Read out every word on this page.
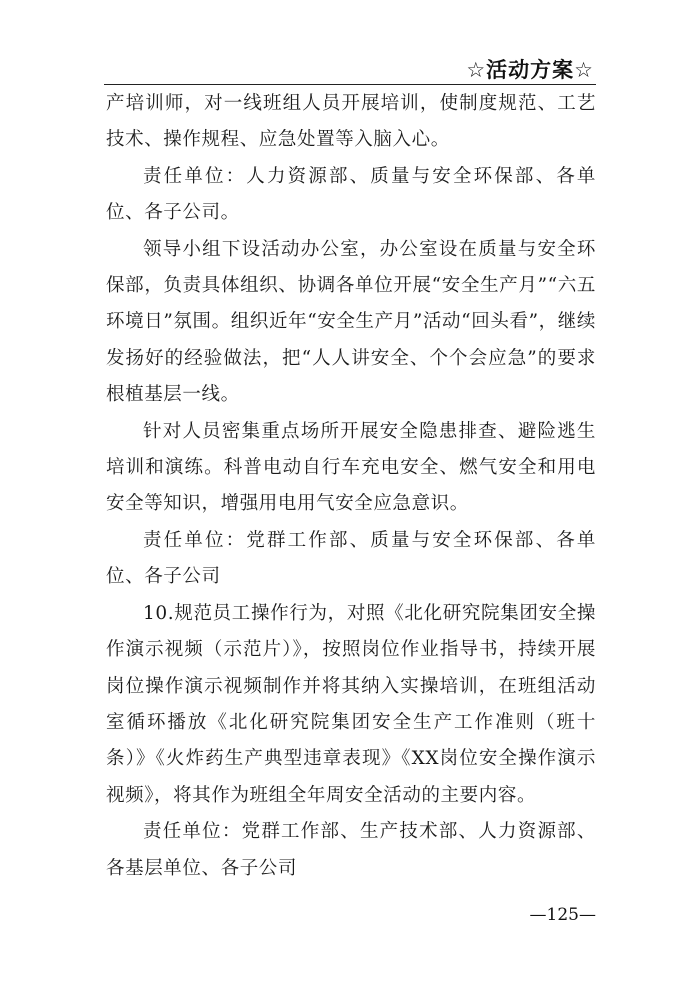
☆活动方案☆

产培训师，对一线班组人员开展培训，使制度规范、工艺技术、操作规程、应急处置等入脑入心。

责任单位：人力资源部、质量与安全环保部、各单位、各子公司。

领导小组下设活动办公室，办公室设在质量与安全环保部，负责具体组织、协调各单位开展“安全生产月”“六五环境日”氛围。组织近年“安全生产月”活动“回头看”，继续发扬好的经验做法，把“人人讲安全、个个会应急”的要求根植基层一线。

针对人员密集重点场所开展安全隐患排查、避险逃生培训和演练。科普电动自行车充电安全、燃气安全和用电安全等知识，增强用电用气安全应急意识。

责任单位：党群工作部、质量与安全环保部、各单位、各子公司

10.规范员工操作行为，对照《北化研究院集团安全操作演示视频（示范片）》，按照岗位作业指导书，持续开展岗位操作演示视频制作并将其纳入实操培训，在班组活动室循环播放《北化研究院集团安全生产工作准则（班十条）》《火炸药生产典型违章表现》《XX岗位安全操作演示视频》，将其作为班组全年周安全活动的主要内容。

责任单位：党群工作部、生产技术部、人力资源部、各基层单位、各子公司

—125—
